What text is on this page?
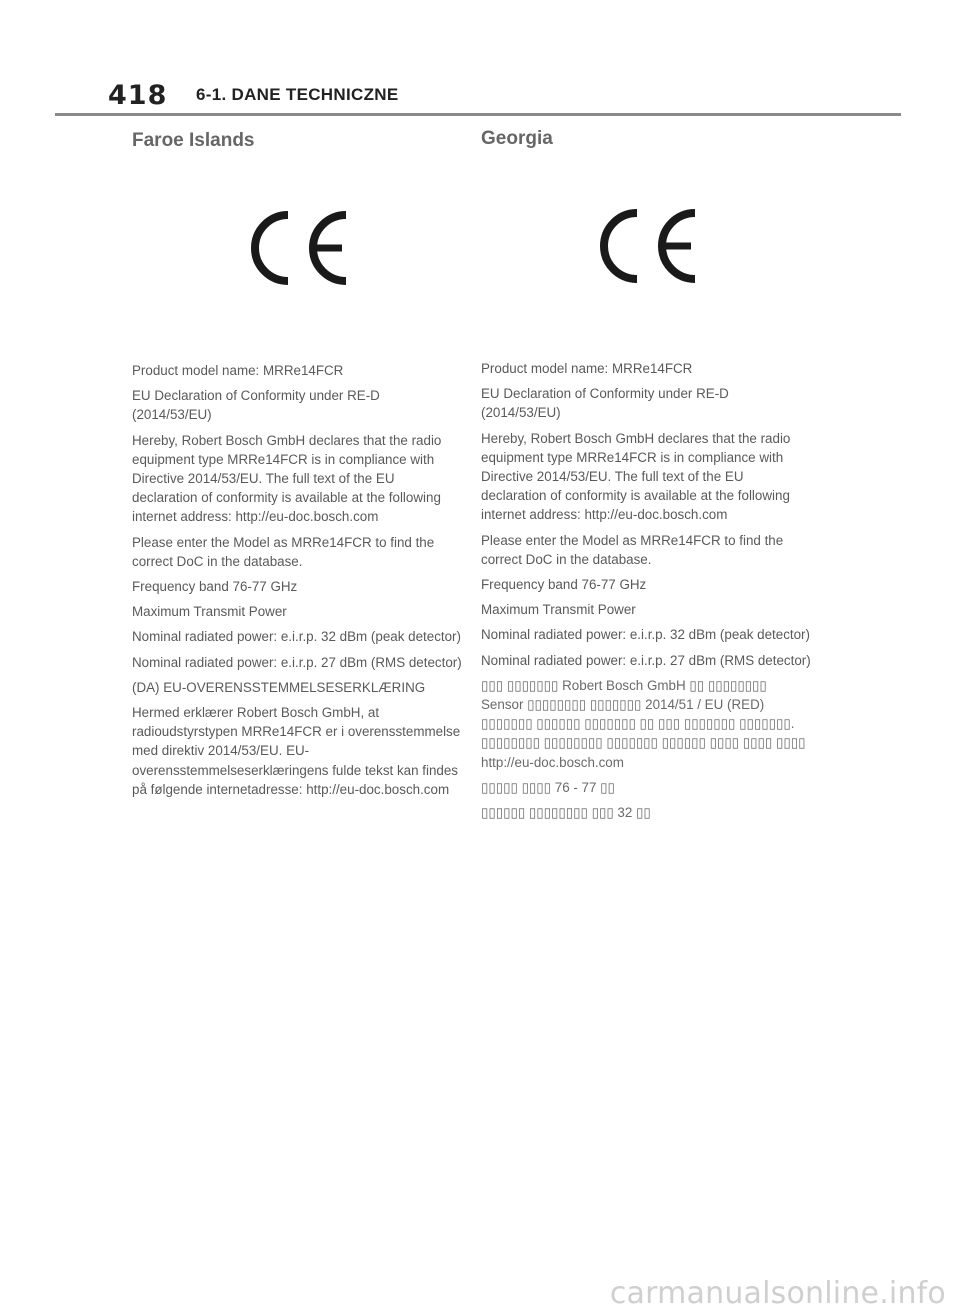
418	6-1. DANE TECHNICZNE
Faroe Islands

Product model name: MRRe14FCR

EU Declaration of Conformity under RE-D (2014/53/EU)

Hereby, Robert Bosch GmbH declares that the radio equipment type MRRe14FCR is in compliance with Directive 2014/53/EU. The full text of the EU declaration of conformity is available at the following internet address: http://eu-doc.bosch.com

Please enter the Model as MRRe14FCR to find the correct DoC in the database.

Frequency band 76-77 GHz

Maximum Transmit Power

Nominal radiated power: e.i.r.p. 32 dBm (peak detector)

Nominal radiated power: e.i.r.p. 27 dBm (RMS detector)

(DA) EU-OVERENSSTEMMELSESERKLÆRING

Hermed erklærer Robert Bosch GmbH, at radioudstyrstypen MRRe14FCR er i overensstemmelse med direktiv 2014/53/EU. EU-overensstemmelseserklæringens fulde tekst kan findes på følgende internetadresse: http://eu-doc.bosch.com

Georgia

Product model name: MRRe14FCR

EU Declaration of Conformity under RE-D (2014/53/EU)

Hereby, Robert Bosch GmbH declares that the radio equipment type MRRe14FCR is in compliance with Directive 2014/53/EU. The full text of the EU declaration of conformity is available at the following internet address: http://eu-doc.bosch.com

Please enter the Model as MRRe14FCR to find the correct DoC in the database.

Frequency band 76-77 GHz

Maximum Transmit Power

Nominal radiated power: e.i.r.p. 32 dBm (peak detector)

Nominal radiated power: e.i.r.p. 27 dBm (RMS detector)

▯▯▯ ▯▯▯▯▯▯▯ Robert Bosch GmbH ▯▯ ▯▯▯▯▯▯▯▯ Sensor ▯▯▯▯▯▯▯▯ ▯▯▯▯▯▯▯ 2014/51 / EU (RED) ▯▯▯▯▯▯▯ ▯▯▯▯▯▯ ▯▯▯▯▯▯▯ ▯▯ ▯▯▯ ▯▯▯▯▯▯▯ ▯▯▯▯▯▯▯. ▯▯▯▯▯▯▯▯ ▯▯▯▯▯▯▯▯ ▯▯▯▯▯▯▯ ▯▯▯▯▯▯ ▯▯▯▯ ▯▯▯▯ ▯▯▯▯ http://eu-doc.bosch.com

▯▯▯▯▯ ▯▯▯▯ 76 - 77 ▯▯

▯▯▯▯▯▯ ▯▯▯▯▯▯▯▯ ▯▯▯ 32 ▯▯

carmanualsonline.info
